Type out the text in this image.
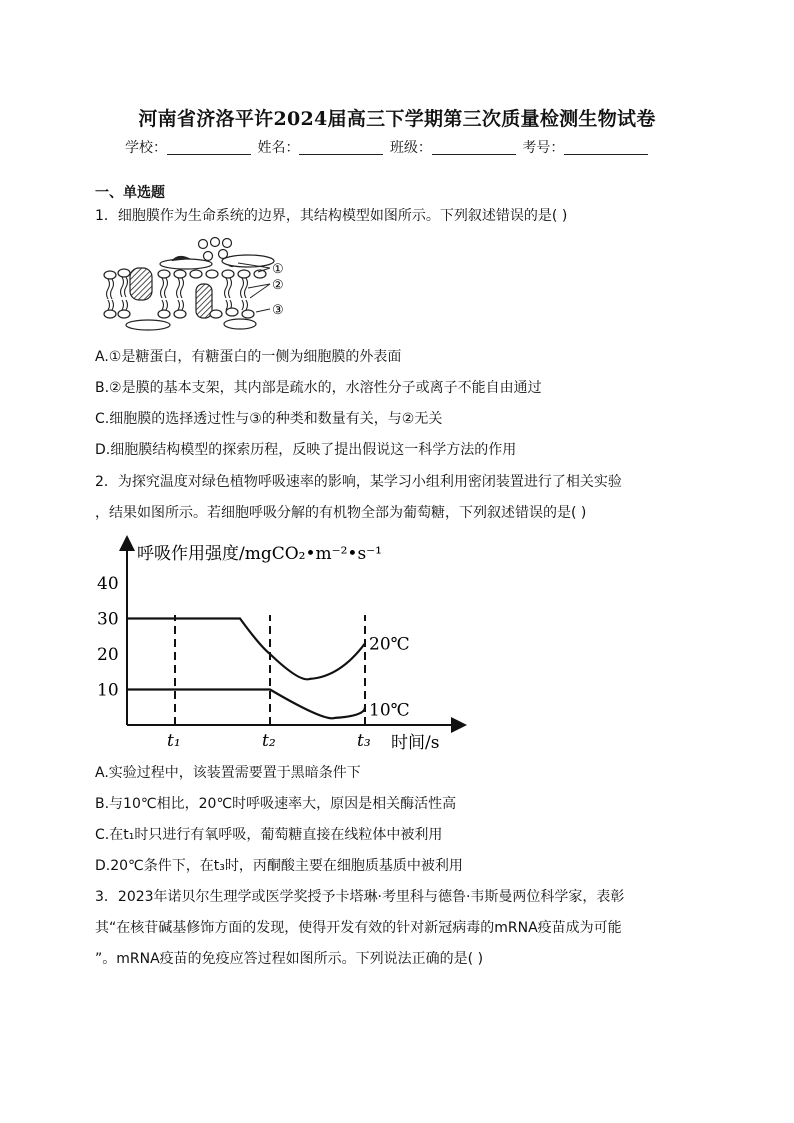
河南省济洛平许2024届高三下学期第三次质量检测生物试卷
学校：	姓名：	班级：	考号：
一、单选题
1．细胞膜作为生命系统的边界，其结构模型如图所示。下列叙述错误的是( )
①
②
③
A.①是糖蛋白，有糖蛋白的一侧为细胞膜的外表面
B.②是膜的基本支架，其内部是疏水的，水溶性分子或离子不能自由通过
C.细胞膜的选择透过性与③的种类和数量有关，与②无关
D.细胞膜结构模型的探索历程，反映了提出假说这一科学方法的作用
2．为探究温度对绿色植物呼吸速率的影响，某学习小组利用密闭装置进行了相关实验
，结果如图所示。若细胞呼吸分解的有机物全部为葡萄糖，下列叙述错误的是( )
呼吸作用强度/mgCO₂•m⁻²•s⁻¹
时间/s
10
20
30
40
t₁	t₂	t₃
20℃
10℃
A.实验过程中，该装置需要置于黑暗条件下
B.与10℃相比，20℃时呼吸速率大，原因是相关酶活性高
C.在t₁时只进行有氧呼吸，葡萄糖直接在线粒体中被利用
D.20℃条件下，在t₃时，丙酮酸主要在细胞质基质中被利用
3．2023年诺贝尔生理学或医学奖授予卡塔琳·考里科与德鲁·韦斯曼两位科学家，表彰
其“在核苷碱基修饰方面的发现，使得开发有效的针对新冠病毒的mRNA疫苗成为可能
”。mRNA疫苗的免疫应答过程如图所示。下列说法正确的是( )
